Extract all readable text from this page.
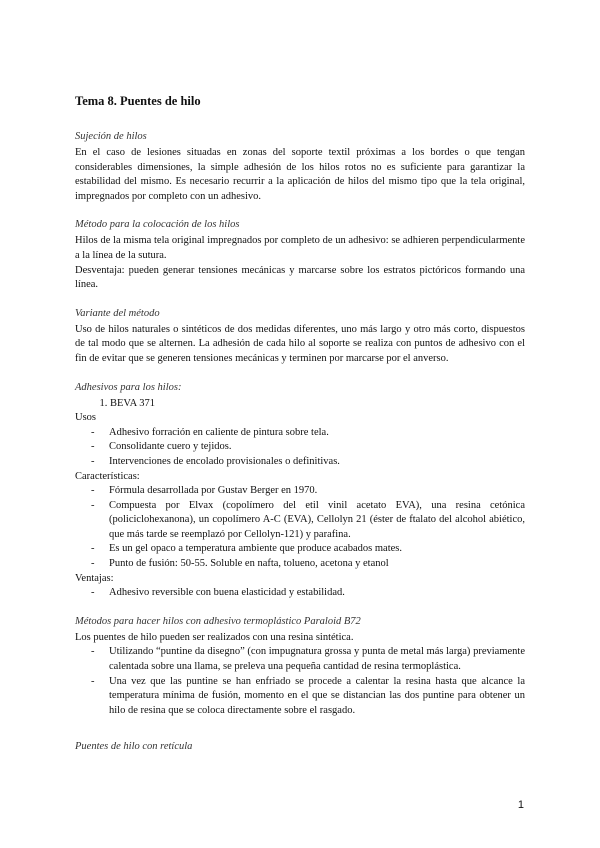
Tema 8. Puentes de hilo
Sujeción de hilos

En el caso de lesiones situadas en zonas del soporte textil próximas a los bordes o que tengan considerables dimensiones, la simple adhesión de los hilos rotos no es suficiente para garantizar la estabilidad del mismo. Es necesario recurrir a la aplicación de hilos del mismo tipo que la tela original, impregnados por completo con un adhesivo.

Método para la colocación de los hilos

Hilos de la misma tela original impregnados por completo de un adhesivo: se adhieren perpendicularmente a la línea de la sutura.

Desventaja: pueden generar tensiones mecánicas y marcarse sobre los estratos pictóricos formando una línea.

Variante del método

Uso de hilos naturales o sintéticos de dos medidas diferentes, uno más largo y otro más corto, dispuestos de tal modo que se alternen. La adhesión de cada hilo al soporte se realiza con puntos de adhesivo con el fin de evitar que se generen tensiones mecánicas y terminen por marcarse por el anverso.

Adhesivos para los hilos:
1. BEVA 371
Usos
- Adhesivo forración en caliente de pintura sobre tela.
- Consolidante cuero y tejidos.
- Intervenciones de encolado provisionales o definitivas.
Características:
- Fórmula desarrollada por Gustav Berger en 1970.
- Compuesta por Elvax (copolímero del etil vinil acetato EVA), una resina cetónica (policiclohexanona), un copolímero A-C (EVA), Cellolyn 21 (éster de ftalato del alcohol abiético, que más tarde se reemplazó por Cellolyn-121) y parafina.
- Es un gel opaco a temperatura ambiente que produce acabados mates.
- Punto de fusión: 50-55. Soluble en nafta, tolueno, acetona y etanol
Ventajas:
- Adhesivo reversible con buena elasticidad y estabilidad.
Métodos para hacer hilos con adhesivo termoplástico Paraloid B72

Los puentes de hilo pueden ser realizados con una resina sintética.

- Utilizando “puntine da disegno” (con impugnatura grossa y punta de metal más larga) previamente calentada sobre una llama, se preleva una pequeña cantidad de resina termoplástica.
- Una vez que las puntine se han enfriado se procede a calentar la resina hasta que alcance la temperatura mínima de fusión, momento en el que se distancian las dos puntine para obtener un hilo de resina que se coloca directamente sobre el rasgado.
Puentes de hilo con retícula
1
